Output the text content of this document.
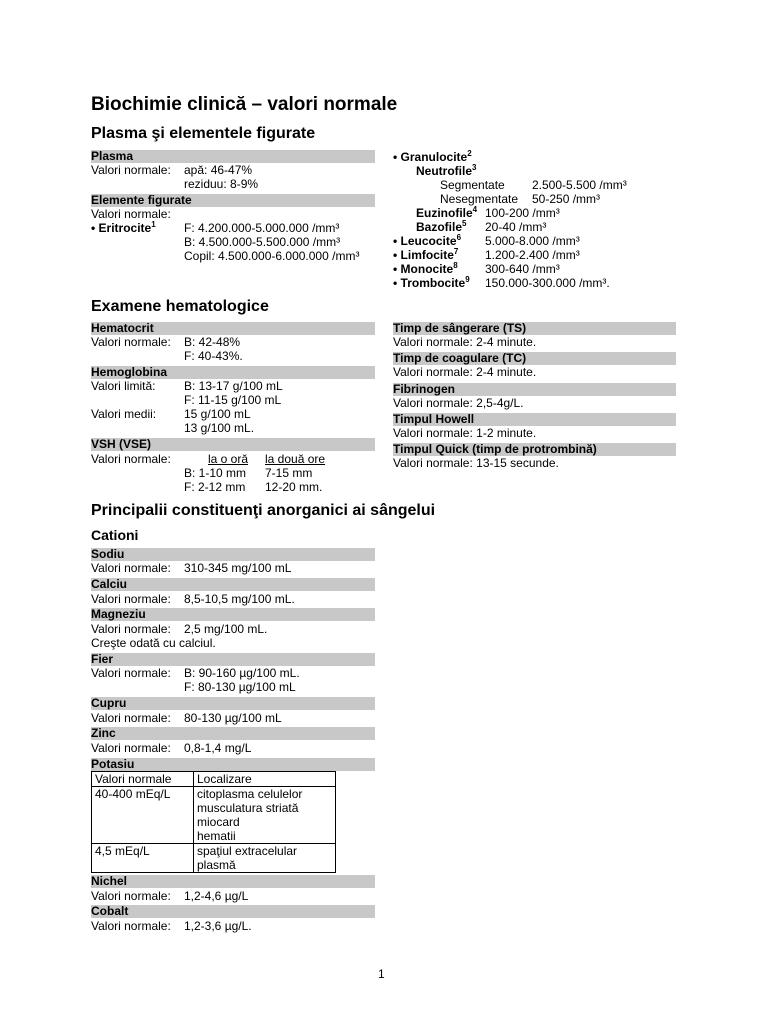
Biochimie clinică – valori normale
Plasma şi elementele figurate
Plasma
Valori normale: apă: 46-47%
reziduu: 8-9%
Elemente figurate
Valori normale:
• Eritrocite$^1$ F: 4.200.000-5.000.000 /mm³
B: 4.500.000-5.500.000 /mm³
Copil: 4.500.000-6.000.000 /mm³
• Granulocite$^2$
Neutrofile$^3$
Segmentate 2.500-5.500 /mm³
Nesegmentate 50-250 /mm³
Euzinofile$^4$ 100-200 /mm³
Bazofile$^5$ 20-40 /mm³
• Leucocite$^6$ 5.000-8.000 /mm³
• Limfocite$^7$ 1.200-2.400 /mm³
• Monocite$^8$ 300-640 /mm³
• Trombocite$^9$ 150.000-300.000 /mm³.
Examene hematologice
Hematocrit
Valori normale: B: 42-48%
F: 40-43%.
Hemoglobina
Valori limită: B: 13-17 g/100 mL
F: 11-15 g/100 mL
Valori medii: 15 g/100 mL
13 g/100 mL.
VSH (VSE)
Valori normale:	la o oră la două ore
B: 1-10 mm 7-15 mm
F: 2-12 mm 12-20 mm.
Timp de sângerare (TS)
Valori normale: 2-4 minute.
Timp de coagulare (TC)
Valori normale: 2-4 minute.
Fibrinogen
Valori normale: 2,5-4g/L.
Timpul Howell
Valori normale: 1-2 minute.
Timpul Quick (timp de protrombină)
Valori normale: 13-15 secunde.
Principalii constituenţi anorganici ai sângelui
Cationi
Sodiu
Valori normale: 310-345 mg/100 mL
Calciu
Valori normale: 8,5-10,5 mg/100 mL.
Magneziu
Valori normale: 2,5 mg/100 mL.
Creşte odată cu calciul.
Fier
Valori normale: B: 90-160 µg/100 mL.
F: 80-130 µg/100 mL
Cupru
Valori normale: 80-130 µg/100 mL
Zinc
Valori normale: 0,8-1,4 mg/L
Potasiu
Valori normale	Localizare
40-400 mEq/L	citoplasma celulelor
musculatura striată
miocard
hematii

4,5 mEq/L	spaţiul extracelular
plasmă
Nichel
Valori normale: 1,2-4,6 µg/L
Cobalt
Valori normale: 1,2-3,6 µg/L.
1
